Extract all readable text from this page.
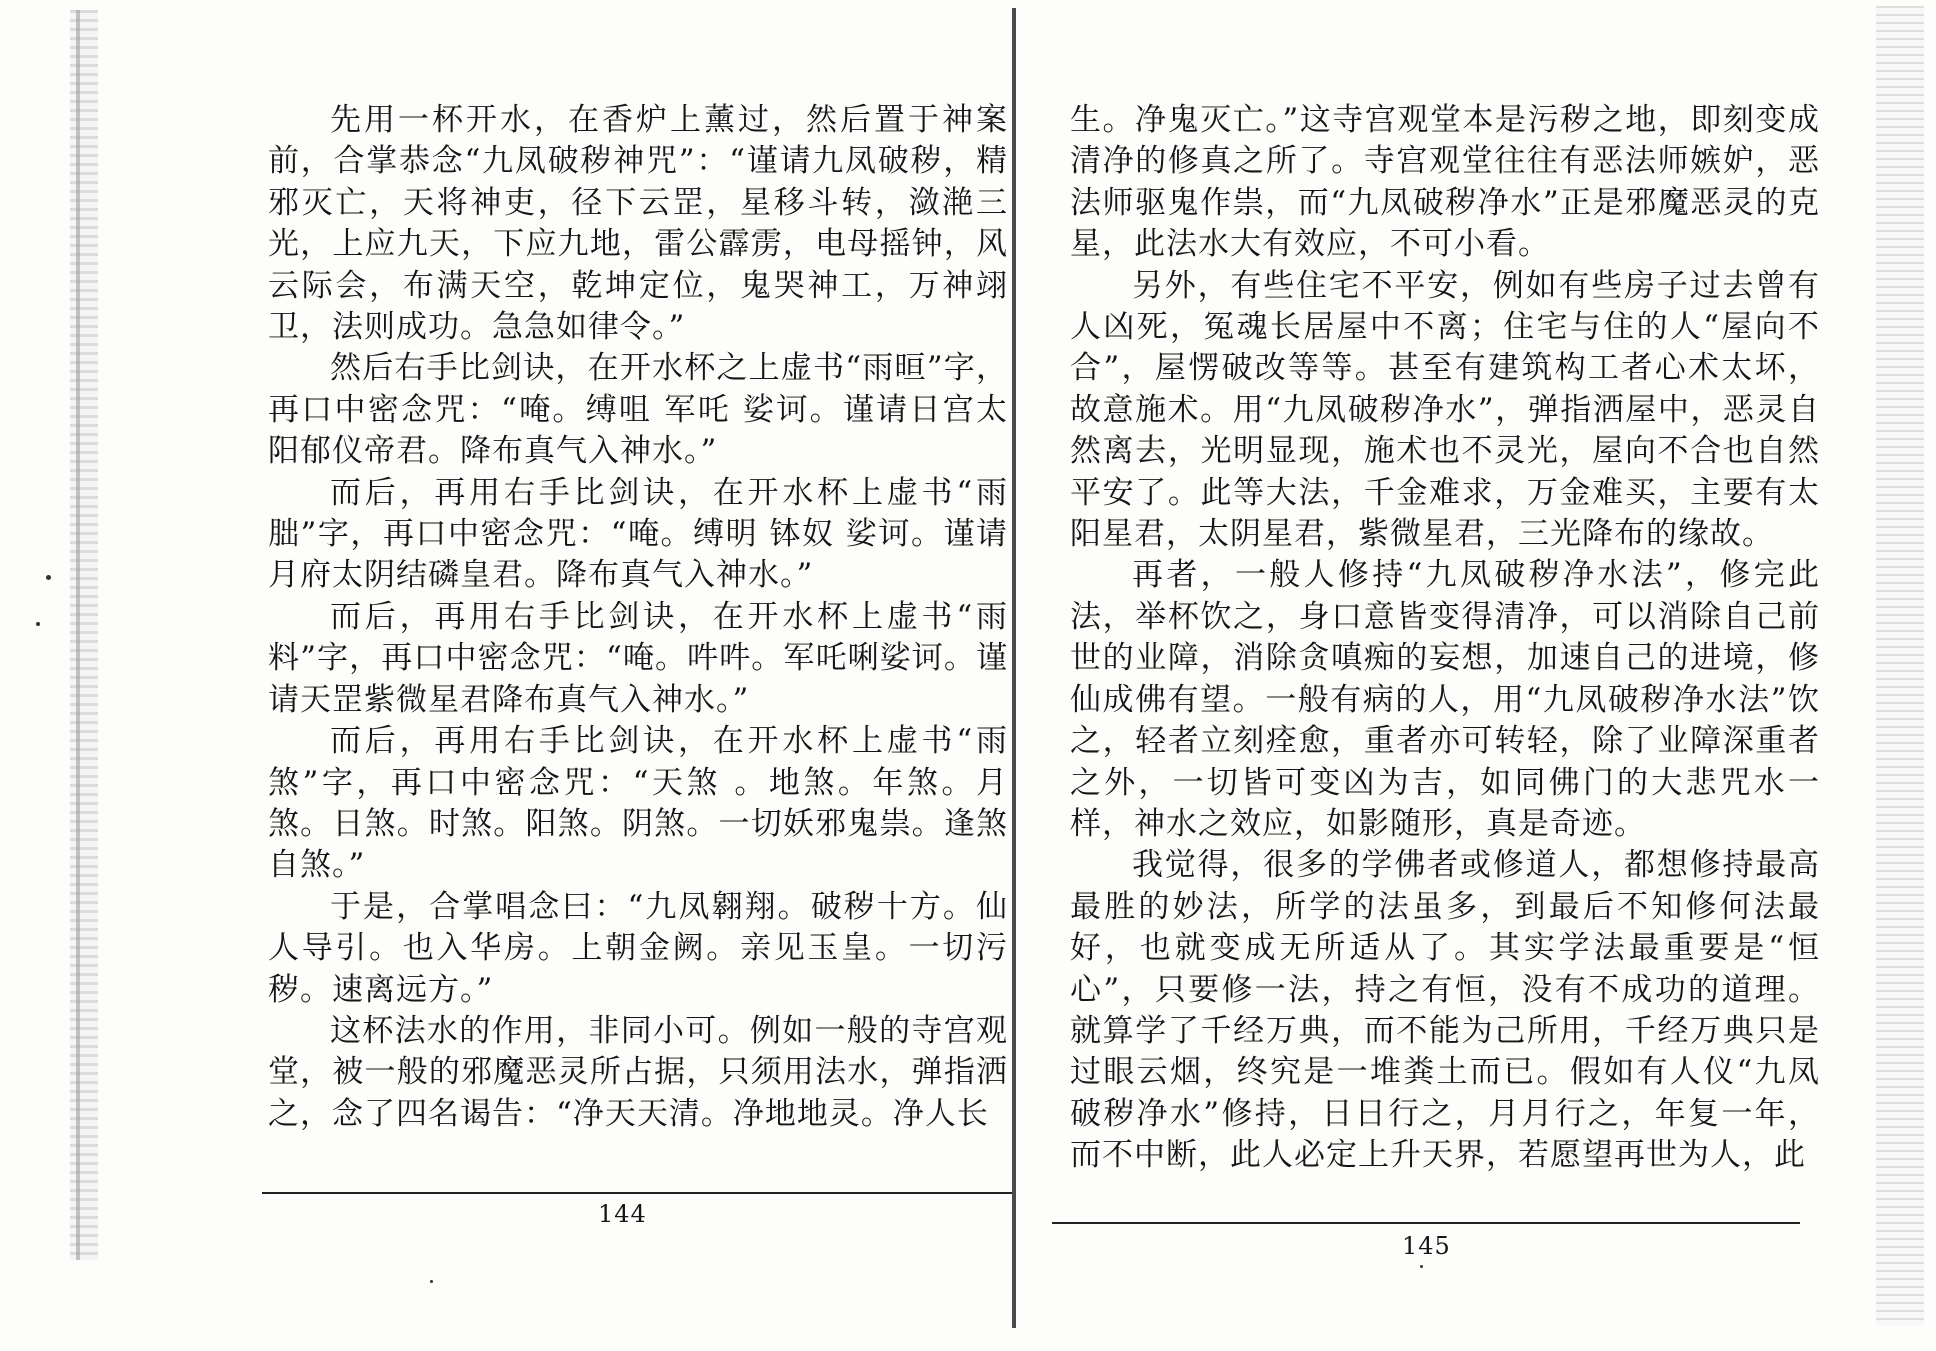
先用一杯开水，在香炉上薰过，然后置于神案前，合掌恭念“九凤破秽神咒”：“谨请九凤破秽，精邪灭亡，天将神吏，径下云罡，星移斗转，潋滟三光，上应九天，下应九地，雷公霹雳，电母摇钟，风云际会，布满天空，乾坤定位，鬼哭神工，万神翊卫，法则成功。急急如律令。”

然后右手比剑诀，在开水杯之上虚书“雨晅”字，再口中密念咒：“唵。缚咀 军吒 娑诃。谨请日宫太阳郁仪帝君。降布真气入神水。”

而后，再用右手比剑诀，在开水杯上虚书“雨朏”字，再口中密念咒：“唵。缚明 钵奴 娑诃。谨请月府太阴结磷皇君。降布真气入神水。”

而后，再用右手比剑诀，在开水杯上虚书“雨料”字，再口中密念咒：“唵。吽吽。军吒唎娑诃。谨请天罡紫微星君降布真气入神水。”

而后，再用右手比剑诀，在开水杯上虚书“雨煞”字，再口中密念咒：“天煞 。地煞。年煞。月煞。日煞。时煞。阳煞。阴煞。一切妖邪鬼祟。逢煞自煞。”

于是，合掌唱念曰：“九凤翱翔。破秽十方。仙人导引。也入华房。上朝金阙。亲见玉皇。一切污秽。速离远方。”

这杯法水的作用，非同小可。例如一般的寺宫观堂，被一般的邪魔恶灵所占据，只须用法水，弹指洒之，念了四名谒告：“净天天清。净地地灵。净人长

144

生。净鬼灭亡。”这寺宫观堂本是污秽之地，即刻变成清净的修真之所了。寺宫观堂往往有恶法师嫉妒，恶法师驱鬼作祟，而“九凤破秽净水”正是邪魔恶灵的克星，此法水大有效应，不可小看。

另外，有些住宅不平安，例如有些房子过去曾有人凶死，冤魂长居屋中不离；住宅与住的人“屋向不合”，屋愣破改等等。甚至有建筑构工者心术太坏，故意施术。用“九凤破秽净水”，弹指洒屋中，恶灵自然离去，光明显现，施术也不灵光，屋向不合也自然平安了。此等大法，千金难求，万金难买，主要有太阳星君，太阴星君，紫微星君，三光降布的缘故。

再者，一般人修持“九凤破秽净水法”，修完此法，举杯饮之，身口意皆变得清净，可以消除自己前世的业障，消除贪嗔痴的妄想，加速自己的进境，修仙成佛有望。一般有病的人，用“九凤破秽净水法”饮之，轻者立刻痊愈，重者亦可转轻，除了业障深重者之外，一切皆可变凶为吉，如同佛门的大悲咒水一样，神水之效应，如影随形，真是奇迹。

我觉得，很多的学佛者或修道人，都想修持最高最胜的妙法，所学的法虽多，到最后不知修何法最好，也就变成无所适从了。其实学法最重要是“恒心”，只要修一法，持之有恒，没有不成功的道理。就算学了千经万典，而不能为己所用，千经万典只是过眼云烟，终究是一堆粪土而已。假如有人仪“九凤破秽净水”修持，日日行之，月月行之，年复一年，而不中断，此人必定上升天界，若愿望再世为人，此

145
